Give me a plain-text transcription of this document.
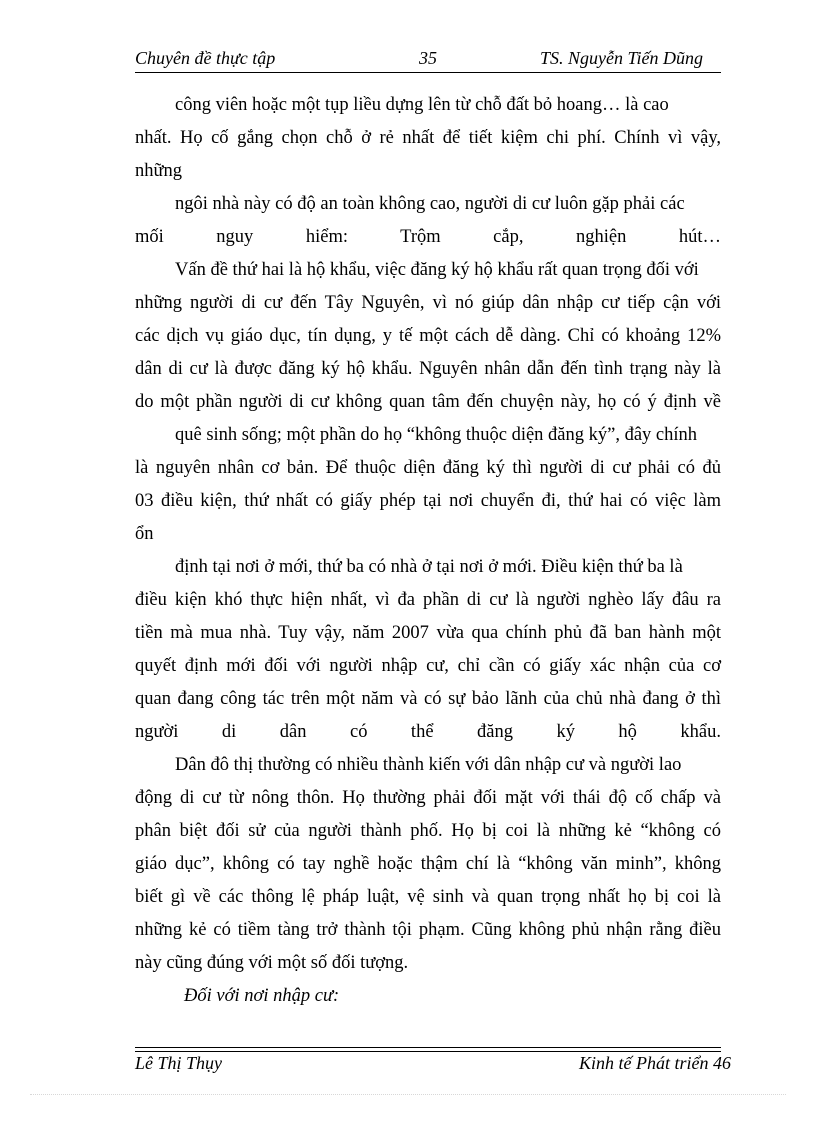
Chuyên đề thực tập	35	TS. Nguyễn Tiến Dũng
công viên hoặc một tụp liều dựng lên từ chỗ đất bỏ hoang… là cao
nhất. Họ cố gắng chọn chỗ ở rẻ nhất để tiết kiệm chi phí. Chính vì vậy,
những
ngôi nhà này có độ an toàn không cao, người di cư luôn gặp phải các
mối nguy hiểm: Trộm cắp, nghiện hút…
Vấn đề thứ hai là hộ khẩu, việc đăng ký hộ khẩu rất quan trọng đối với
những người di cư đến Tây Nguyên, vì nó giúp dân nhập cư tiếp cận với
các dịch vụ giáo dục, tín dụng, y tế một cách dễ dàng. Chỉ có khoảng 12%
dân di cư là được đăng ký hộ khẩu. Nguyên nhân dẫn đến tình trạng này là
do một phần người di cư không quan tâm đến chuyện này, họ có ý định về
quê sinh sống; một phần do họ “không thuộc diện đăng ký”, đây chính
là nguyên nhân cơ bản. Để thuộc diện đăng ký thì người di cư phải có đủ
03 điều kiện, thứ nhất có giấy phép tại nơi chuyển đi, thứ hai có việc làm
ổn
định tại nơi ở mới, thứ ba có nhà ở tại nơi ở mới. Điều kiện thứ ba là
điều kiện khó thực hiện nhất, vì đa phần di cư là người nghèo lấy đâu ra
tiền mà mua nhà. Tuy vậy, năm 2007 vừa qua chính phủ đã ban hành một
quyết định mới đối với người nhập cư, chỉ cần có giấy xác nhận của cơ
quan đang công tác trên một năm và có sự bảo lãnh của chủ nhà đang ở thì
người di dân có thể đăng ký hộ khẩu.
Dân đô thị thường có nhiều thành kiến với dân nhập cư và người lao
động di cư từ nông thôn. Họ thường phải đối mặt với thái độ cố chấp và
phân biệt đối sử của người thành phố. Họ bị coi là những kẻ “không có
giáo dục”, không có tay nghề hoặc thậm chí là “không văn minh”, không
biết gì về các thông lệ pháp luật, vệ sinh và quan trọng nhất họ bị coi là
những kẻ có tiềm tàng trở thành tội phạm. Cũng không phủ nhận rằng điều
này cũng đúng với một số đối tượng.
Đối với nơi nhập cư:
Lê Thị Thụy	Kinh tế Phát triển 46
